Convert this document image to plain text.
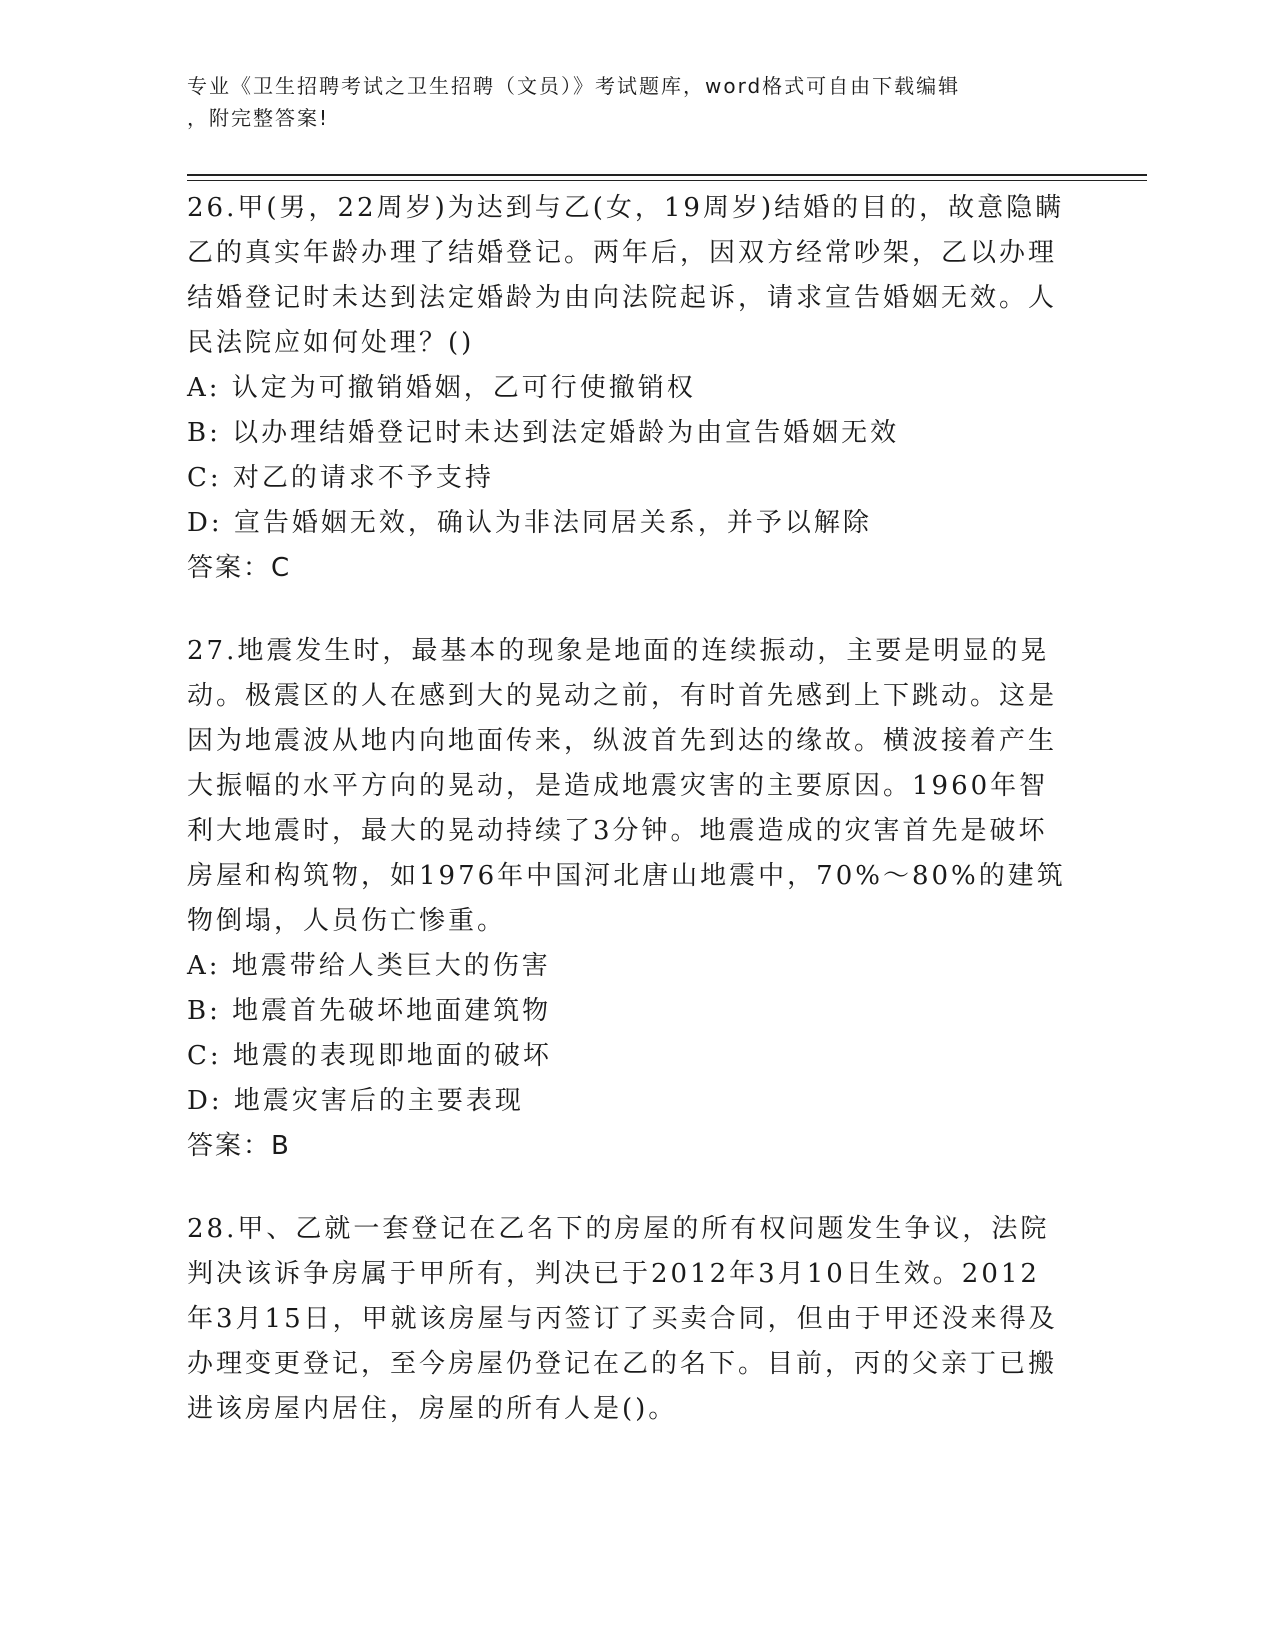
专业《卫生招聘考试之卫生招聘（文员）》考试题库，word格式可自由下载编辑
，附完整答案!

26.甲(男，22周岁)为达到与乙(女，19周岁)结婚的目的，故意隐瞒乙的真实年龄办理了结婚登记。两年后，因双方经常吵架，乙以办理结婚登记时未达到法定婚龄为由向法院起诉，请求宣告婚姻无效。人民法院应如何处理？()

A: 认定为可撤销婚姻，乙可行使撤销权

B: 以办理结婚登记时未达到法定婚龄为由宣告婚姻无效

C: 对乙的请求不予支持

D: 宣告婚姻无效，确认为非法同居关系，并予以解除

答案：C

27.地震发生时，最基本的现象是地面的连续振动，主要是明显的晃动。极震区的人在感到大的晃动之前，有时首先感到上下跳动。这是因为地震波从地内向地面传来，纵波首先到达的缘故。横波接着产生大振幅的水平方向的晃动，是造成地震灾害的主要原因。1960年智利大地震时，最大的晃动持续了3分钟。地震造成的灾害首先是破坏房屋和构筑物，如1976年中国河北唐山地震中，70%～80%的建筑物倒塌，人员伤亡惨重。

A: 地震带给人类巨大的伤害

B: 地震首先破坏地面建筑物

C: 地震的表现即地面的破坏

D: 地震灾害后的主要表现

答案：B

28.甲、乙就一套登记在乙名下的房屋的所有权问题发生争议，法院判决该诉争房属于甲所有，判决已于2012年3月10日生效。2012年3月15日，甲就该房屋与丙签订了买卖合同，但由于甲还没来得及办理变更登记，至今房屋仍登记在乙的名下。目前，丙的父亲丁已搬进该房屋内居住，房屋的所有人是()。
